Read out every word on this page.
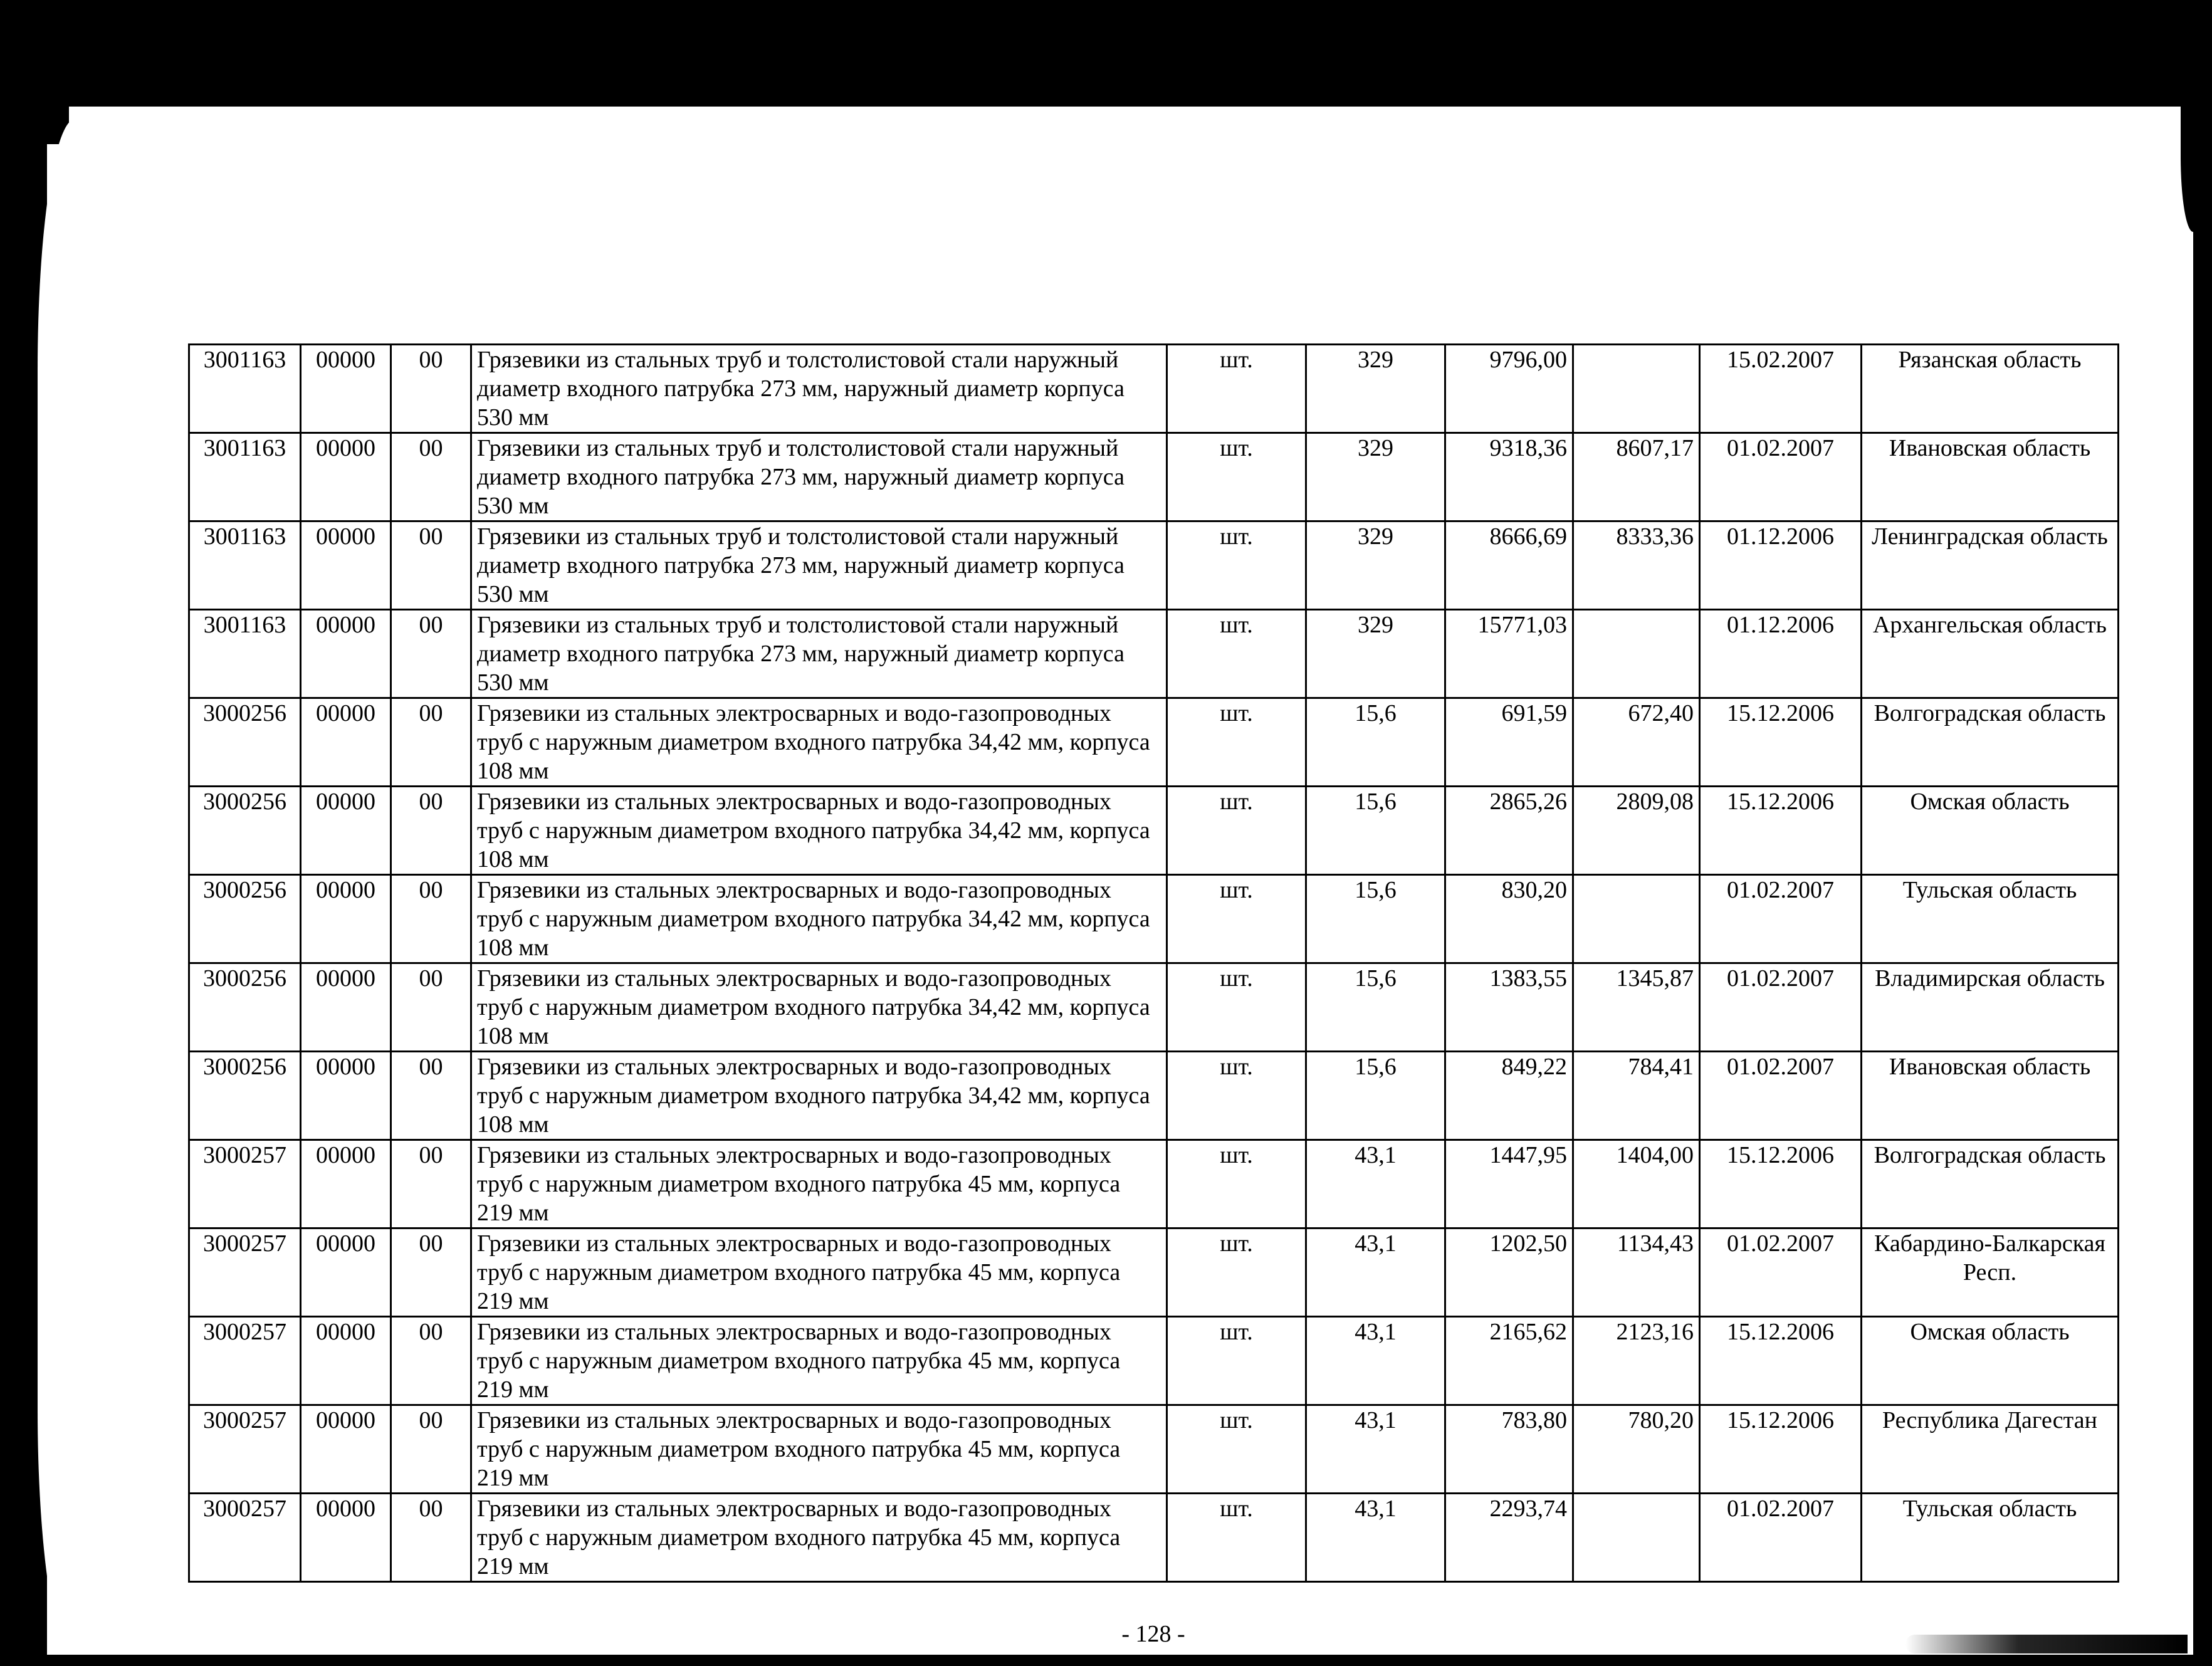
3001163	00000	00	Грязевики из стальных труб и толстолистовой стали наружный диаметр входного патрубка 273 мм, наружный диаметр корпуса 530 мм	шт.	329	9796,00		15.02.2007	Рязанская область
3001163	00000	00	Грязевики из стальных труб и толстолистовой стали наружный диаметр входного патрубка 273 мм, наружный диаметр корпуса 530 мм	шт.	329	9318,36	8607,17	01.02.2007	Ивановская область
3001163	00000	00	Грязевики из стальных труб и толстолистовой стали наружный диаметр входного патрубка 273 мм, наружный диаметр корпуса 530 мм	шт.	329	8666,69	8333,36	01.12.2006	Ленинградская область
3001163	00000	00	Грязевики из стальных труб и толстолистовой стали наружный диаметр входного патрубка 273 мм, наружный диаметр корпуса 530 мм	шт.	329	15771,03		01.12.2006	Архангельская область
3000256	00000	00	Грязевики из стальных электросварных и водо-газопроводных труб с наружным диаметром входного патрубка 34,42 мм, корпуса 108 мм	шт.	15,6	691,59	672,40	15.12.2006	Волгоградская область
3000256	00000	00	Грязевики из стальных электросварных и водо-газопроводных труб с наружным диаметром входного патрубка 34,42 мм, корпуса 108 мм	шт.	15,6	2865,26	2809,08	15.12.2006	Омская область
3000256	00000	00	Грязевики из стальных электросварных и водо-газопроводных труб с наружным диаметром входного патрубка 34,42 мм, корпуса 108 мм	шт.	15,6	830,20		01.02.2007	Тульская область
3000256	00000	00	Грязевики из стальных электросварных и водо-газопроводных труб с наружным диаметром входного патрубка 34,42 мм, корпуса 108 мм	шт.	15,6	1383,55	1345,87	01.02.2007	Владимирская область
3000256	00000	00	Грязевики из стальных электросварных и водо-газопроводных труб с наружным диаметром входного патрубка 34,42 мм, корпуса 108 мм	шт.	15,6	849,22	784,41	01.02.2007	Ивановская область
3000257	00000	00	Грязевики из стальных электросварных и водо-газопроводных труб с наружным диаметром входного патрубка 45 мм, корпуса 219 мм	шт.	43,1	1447,95	1404,00	15.12.2006	Волгоградская область
3000257	00000	00	Грязевики из стальных электросварных и водо-газопроводных труб с наружным диаметром входного патрубка 45 мм, корпуса 219 мм	шт.	43,1	1202,50	1134,43	01.02.2007	Кабардино-Балкарская Респ.
3000257	00000	00	Грязевики из стальных электросварных и водо-газопроводных труб с наружным диаметром входного патрубка 45 мм, корпуса 219 мм	шт.	43,1	2165,62	2123,16	15.12.2006	Омская область
3000257	00000	00	Грязевики из стальных электросварных и водо-газопроводных труб с наружным диаметром входного патрубка 45 мм, корпуса 219 мм	шт.	43,1	783,80	780,20	15.12.2006	Республика Дагестан
3000257	00000	00	Грязевики из стальных электросварных и водо-газопроводных труб с наружным диаметром входного патрубка 45 мм, корпуса 219 мм	шт.	43,1	2293,74		01.02.2007	Тульская область
- 128 -
